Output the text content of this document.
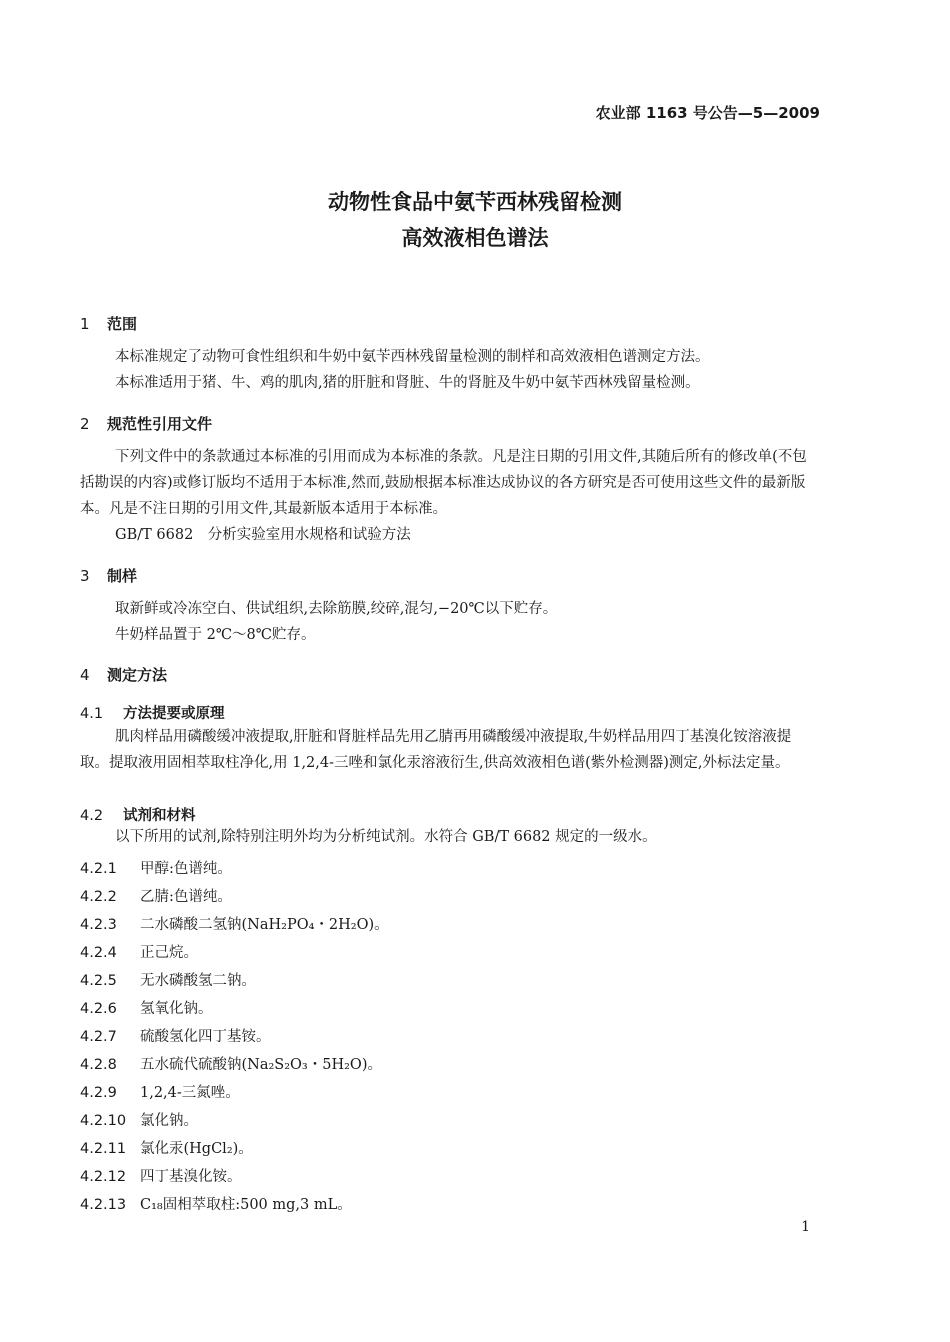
农业部 1163 号公告—5—2009
动物性食品中氨苄西林残留检测
高效液相色谱法
1 范围
本标准规定了动物可食性组织和牛奶中氨苄西林残留量检测的制样和高效液相色谱测定方法。
本标准适用于猪、牛、鸡的肌肉,猪的肝脏和肾脏、牛的肾脏及牛奶中氨苄西林残留量检测。
2 规范性引用文件
下列文件中的条款通过本标准的引用而成为本标准的条款。凡是注日期的引用文件,其随后所有的修改单(不包括勘误的内容)或修订版均不适用于本标准,然而,鼓励根据本标准达成协议的各方研究是否可使用这些文件的最新版本。凡是不注日期的引用文件,其最新版本适用于本标准。
GB/T 6682　分析实验室用水规格和试验方法
3 制样
取新鲜或冷冻空白、供试组织,去除筋膜,绞碎,混匀,−20℃以下贮存。
牛奶样品置于 2℃～8℃贮存。
4 测定方法
4.1 方法提要或原理
肌肉样品用磷酸缓冲液提取,肝脏和肾脏样品先用乙腈再用磷酸缓冲液提取,牛奶样品用四丁基溴化铵溶液提取。提取液用固相萃取柱净化,用 1,2,4-三唑和氯化汞溶液衍生,供高效液相色谱(紫外检测器)测定,外标法定量。
4.2 试剂和材料
以下所用的试剂,除特别注明外均为分析纯试剂。水符合 GB/T 6682 规定的一级水。
4.2.1 甲醇:色谱纯。
4.2.2 乙腈:色谱纯。
4.2.3 二水磷酸二氢钠(NaH₂PO₄・2H₂O)。
4.2.4 正己烷。
4.2.5 无水磷酸氢二钠。
4.2.6 氢氧化钠。
4.2.7 硫酸氢化四丁基铵。
4.2.8 五水硫代硫酸钠(Na₂S₂O₃・5H₂O)。
4.2.9 1,2,4-三氮唑。
4.2.10 氯化钠。
4.2.11 氯化汞(HgCl₂)。
4.2.12 四丁基溴化铵。
4.2.13 C₁₈固相萃取柱:500 mg,3 mL。
1
